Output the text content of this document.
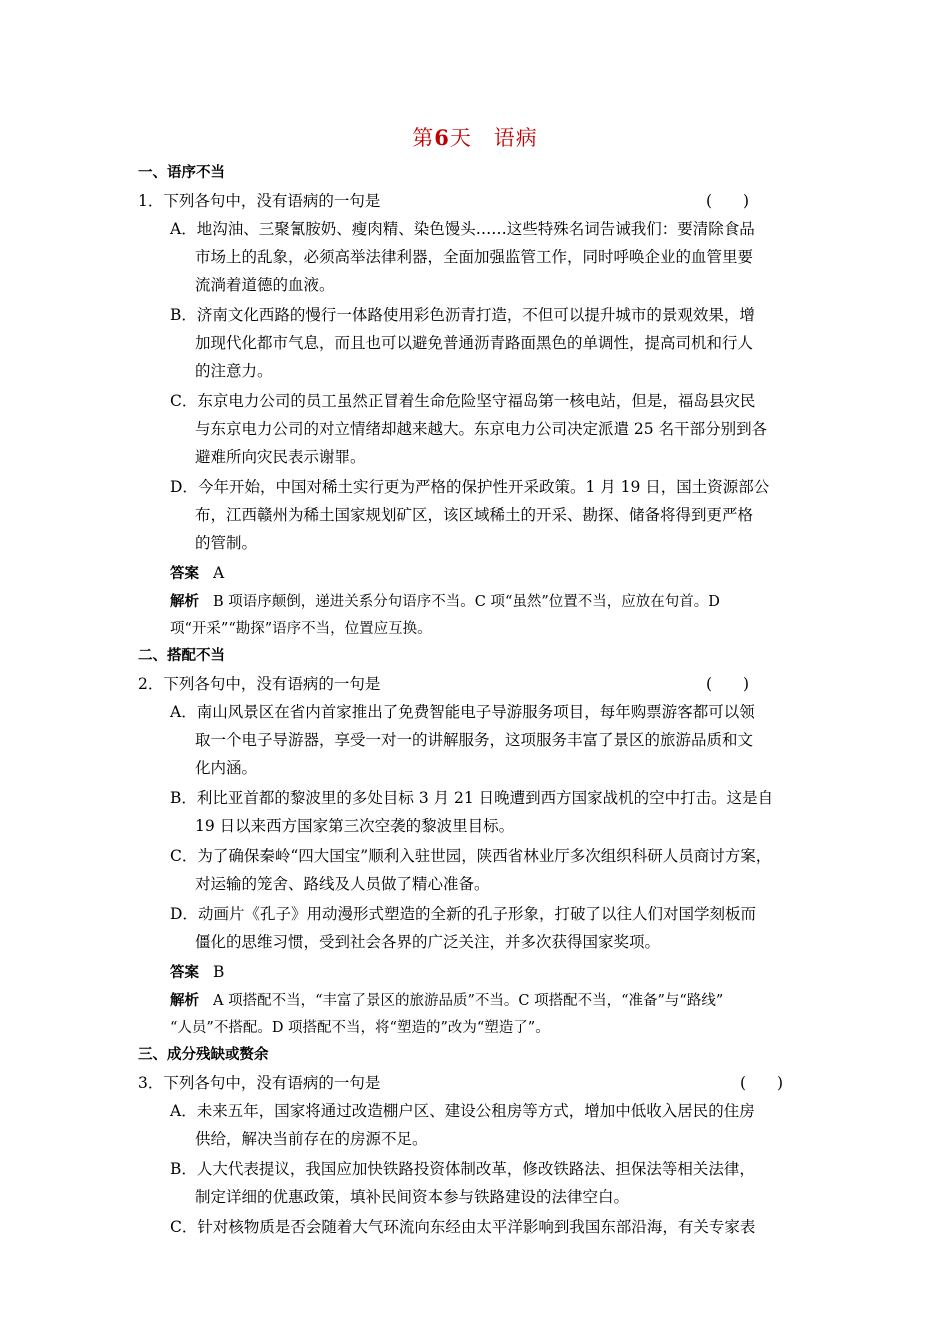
第6天　语病
一、语序不当
1．下列各句中，没有语病的一句是	(　　)
A．地沟油、三聚氰胺奶、瘦肉精、染色馒头……这些特殊名词告诫我们：要清除食品
市场上的乱象，必须高举法律利器，全面加强监管工作，同时呼唤企业的血管里要
流淌着道德的血液。
B．济南文化西路的慢行一体路使用彩色沥青打造，不但可以提升城市的景观效果，增
加现代化都市气息，而且也可以避免普通沥青路面黑色的单调性，提高司机和行人
的注意力。
C．东京电力公司的员工虽然正冒着生命危险坚守福岛第一核电站，但是，福岛县灾民
与东京电力公司的对立情绪却越来越大。东京电力公司决定派遣 25 名干部分别到各
避难所向灾民表示谢罪。
D．今年开始，中国对稀土实行更为严格的保护性开采政策。1 月 19 日，国土资源部公
布，江西赣州为稀土国家规划矿区，该区域稀土的开采、勘探、储备将得到更严格
的管制。
答案 A
解析 B 项语序颠倒，递进关系分句语序不当。C 项“虽然”位置不当，应放在句首。D
项“开采”“勘探”语序不当，位置应互换。
二、搭配不当
2．下列各句中，没有语病的一句是	(　　)
A．南山风景区在省内首家推出了免费智能电子导游服务项目，每年购票游客都可以领
取一个电子导游器，享受一对一的讲解服务，这项服务丰富了景区的旅游品质和文
化内涵。
B．利比亚首都的黎波里的多处目标 3 月 21 日晚遭到西方国家战机的空中打击。这是自
19 日以来西方国家第三次空袭的黎波里目标。
C．为了确保秦岭“四大国宝”顺利入驻世园，陕西省林业厅多次组织科研人员商讨方案，
对运输的笼舍、路线及人员做了精心准备。
D．动画片《孔子》用动漫形式塑造的全新的孔子形象，打破了以往人们对国学刻板而
僵化的思维习惯，受到社会各界的广泛关注，并多次获得国家奖项。
答案 B
解析 A 项搭配不当，“丰富了景区的旅游品质”不当。C 项搭配不当，“准备”与“路线”
“人员”不搭配。D 项搭配不当，将“塑造的”改为“塑造了”。
三、成分残缺或赘余
3．下列各句中，没有语病的一句是	(　　)
A．未来五年，国家将通过改造棚户区、建设公租房等方式，增加中低收入居民的住房
供给，解决当前存在的房源不足。
B．人大代表提议，我国应加快铁路投资体制改革，修改铁路法、担保法等相关法律，
制定详细的优惠政策，填补民间资本参与铁路建设的法律空白。
C．针对核物质是否会随着大气环流向东经由太平洋影响到我国东部沿海，有关专家表
